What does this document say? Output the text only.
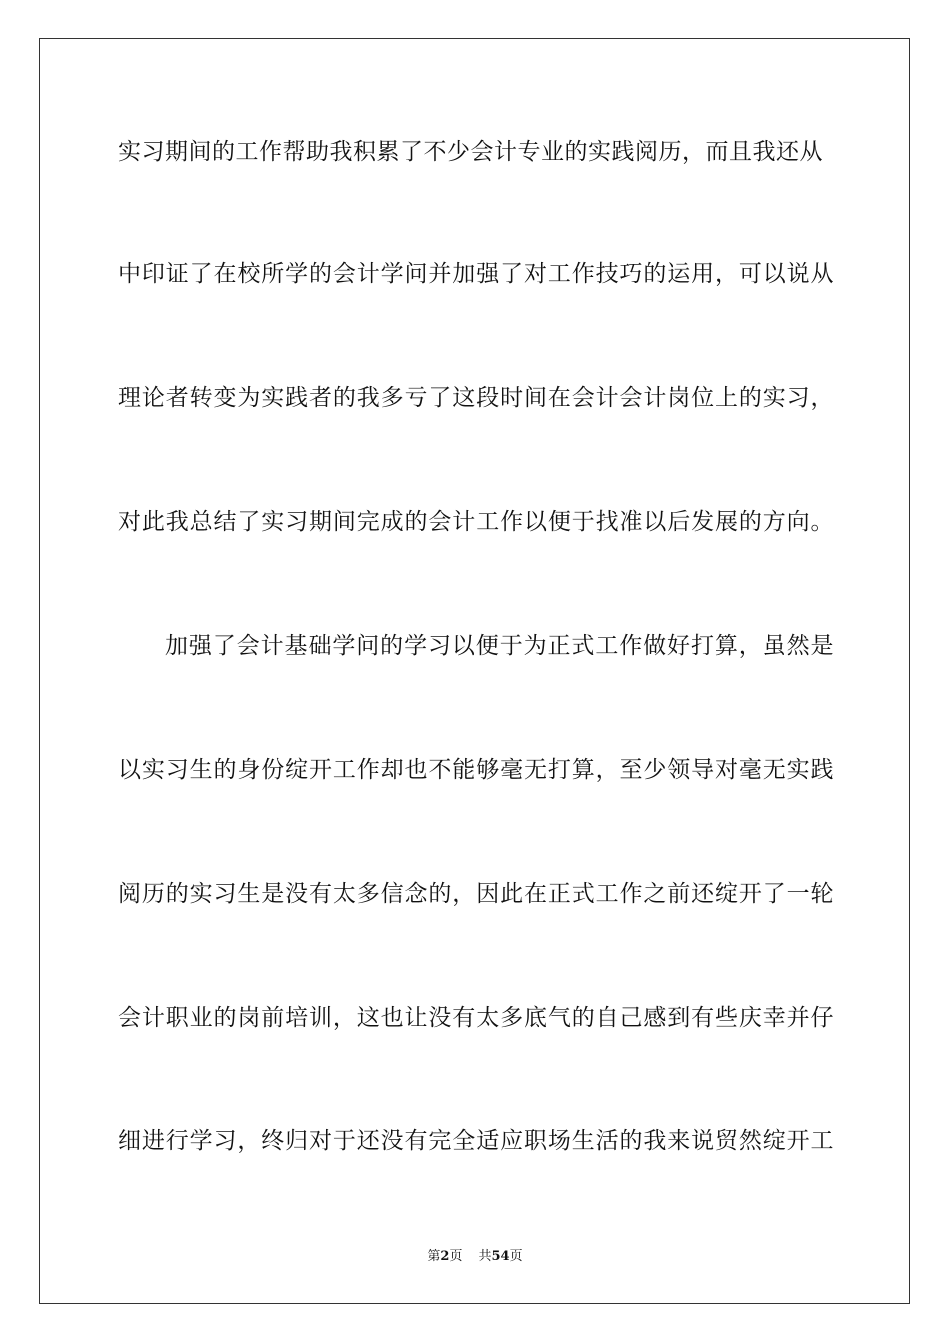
实习期间的工作帮助我积累了不少会计专业的实践阅历，而且我还从
中印证了在校所学的会计学问并加强了对工作技巧的运用，可以说从
理论者转变为实践者的我多亏了这段时间在会计会计岗位上的实习，
对此我总结了实习期间完成的会计工作以便于找准以后发展的方向。
加强了会计基础学问的学习以便于为正式工作做好打算，虽然是
以实习生的身份绽开工作却也不能够毫无打算，至少领导对毫无实践
阅历的实习生是没有太多信念的，因此在正式工作之前还绽开了一轮
会计职业的岗前培训，这也让没有太多底气的自己感到有些庆幸并仔
细进行学习，终归对于还没有完全适应职场生活的我来说贸然绽开工
第2页 共54页
